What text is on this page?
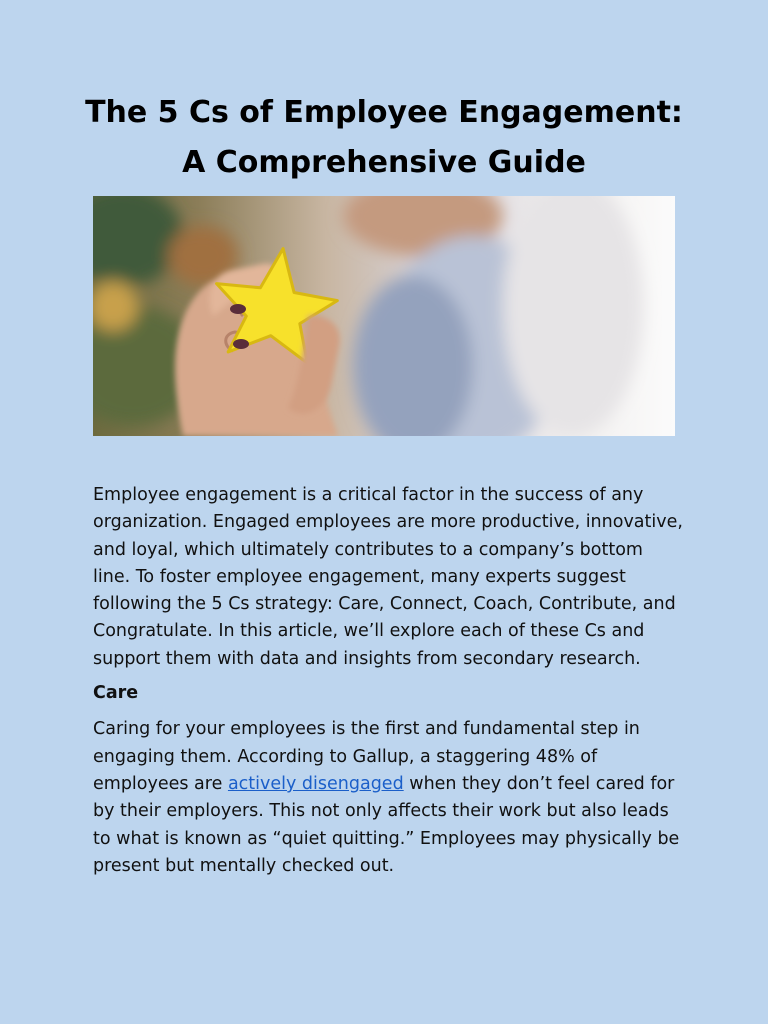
The 5 Cs of Employee Engagement:
A Comprehensive Guide

Employee engagement is a critical factor in the success of any organization. Engaged employees are more productive, innovative, and loyal, which ultimately contributes to a company’s bottom line. To foster employee engagement, many experts suggest following the 5 Cs strategy: Care, Connect, Coach, Contribute, and Congratulate. In this article, we’ll explore each of these Cs and support them with data and insights from secondary research.

Care

Caring for your employees is the first and fundamental step in engaging them. According to Gallup, a staggering 48% of employees are actively disengaged when they don’t feel cared for by their employers. This not only affects their work but also leads to what is known as “quiet quitting.” Employees may physically be present but mentally checked out.
